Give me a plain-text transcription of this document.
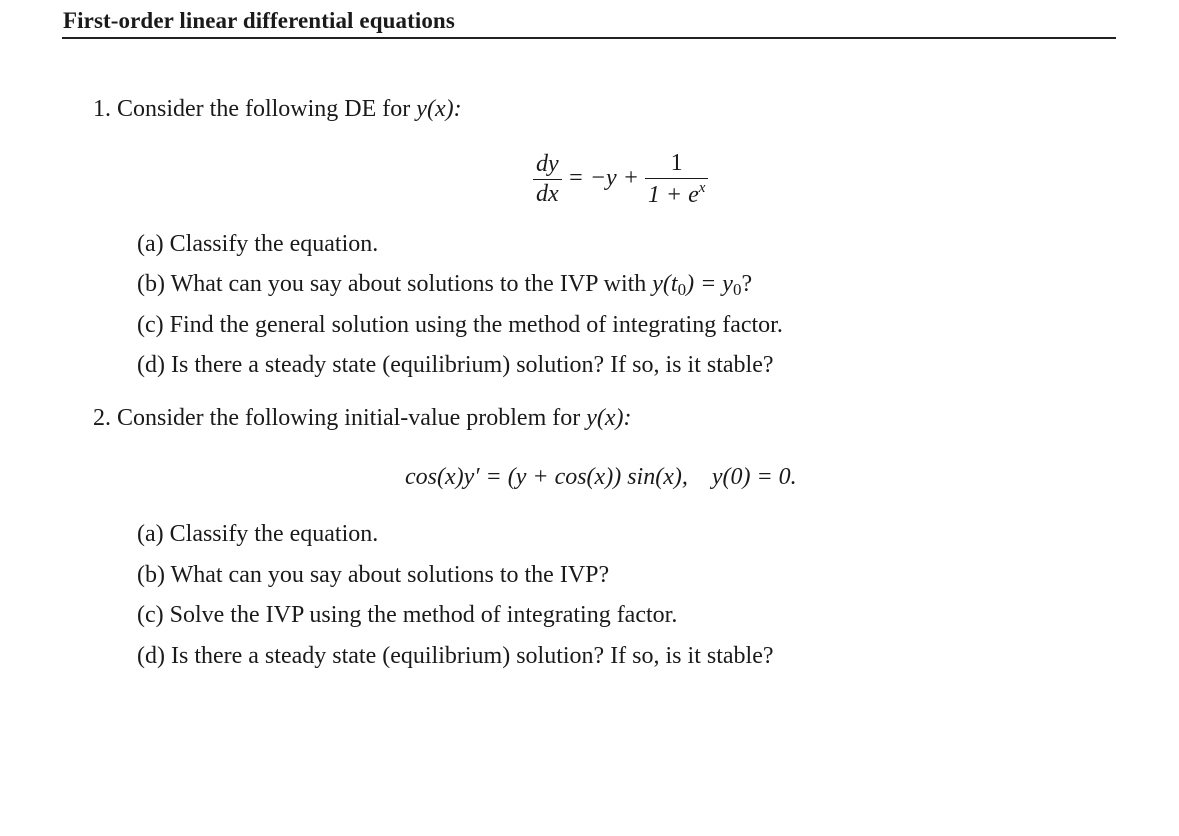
First-order linear differential equations
1. Consider the following DE for y(x):
$\frac{dy}{dx} = -y + \frac{1}{1 + e^x}$
(a) Classify the equation.
(b) What can you say about solutions to the IVP with $y(t_0) = y_0$?
(c) Find the general solution using the method of integrating factor.
(d) Is there a steady state (equilibrium) solution? If so, is it stable?
2. Consider the following initial-value problem for y(x):
cos(x)y′ = (y + cos(x)) sin(x),    y(0) = 0.
(a) Classify the equation.
(b) What can you say about solutions to the IVP?
(c) Solve the IVP using the method of integrating factor.
(d) Is there a steady state (equilibrium) solution? If so, is it stable?
